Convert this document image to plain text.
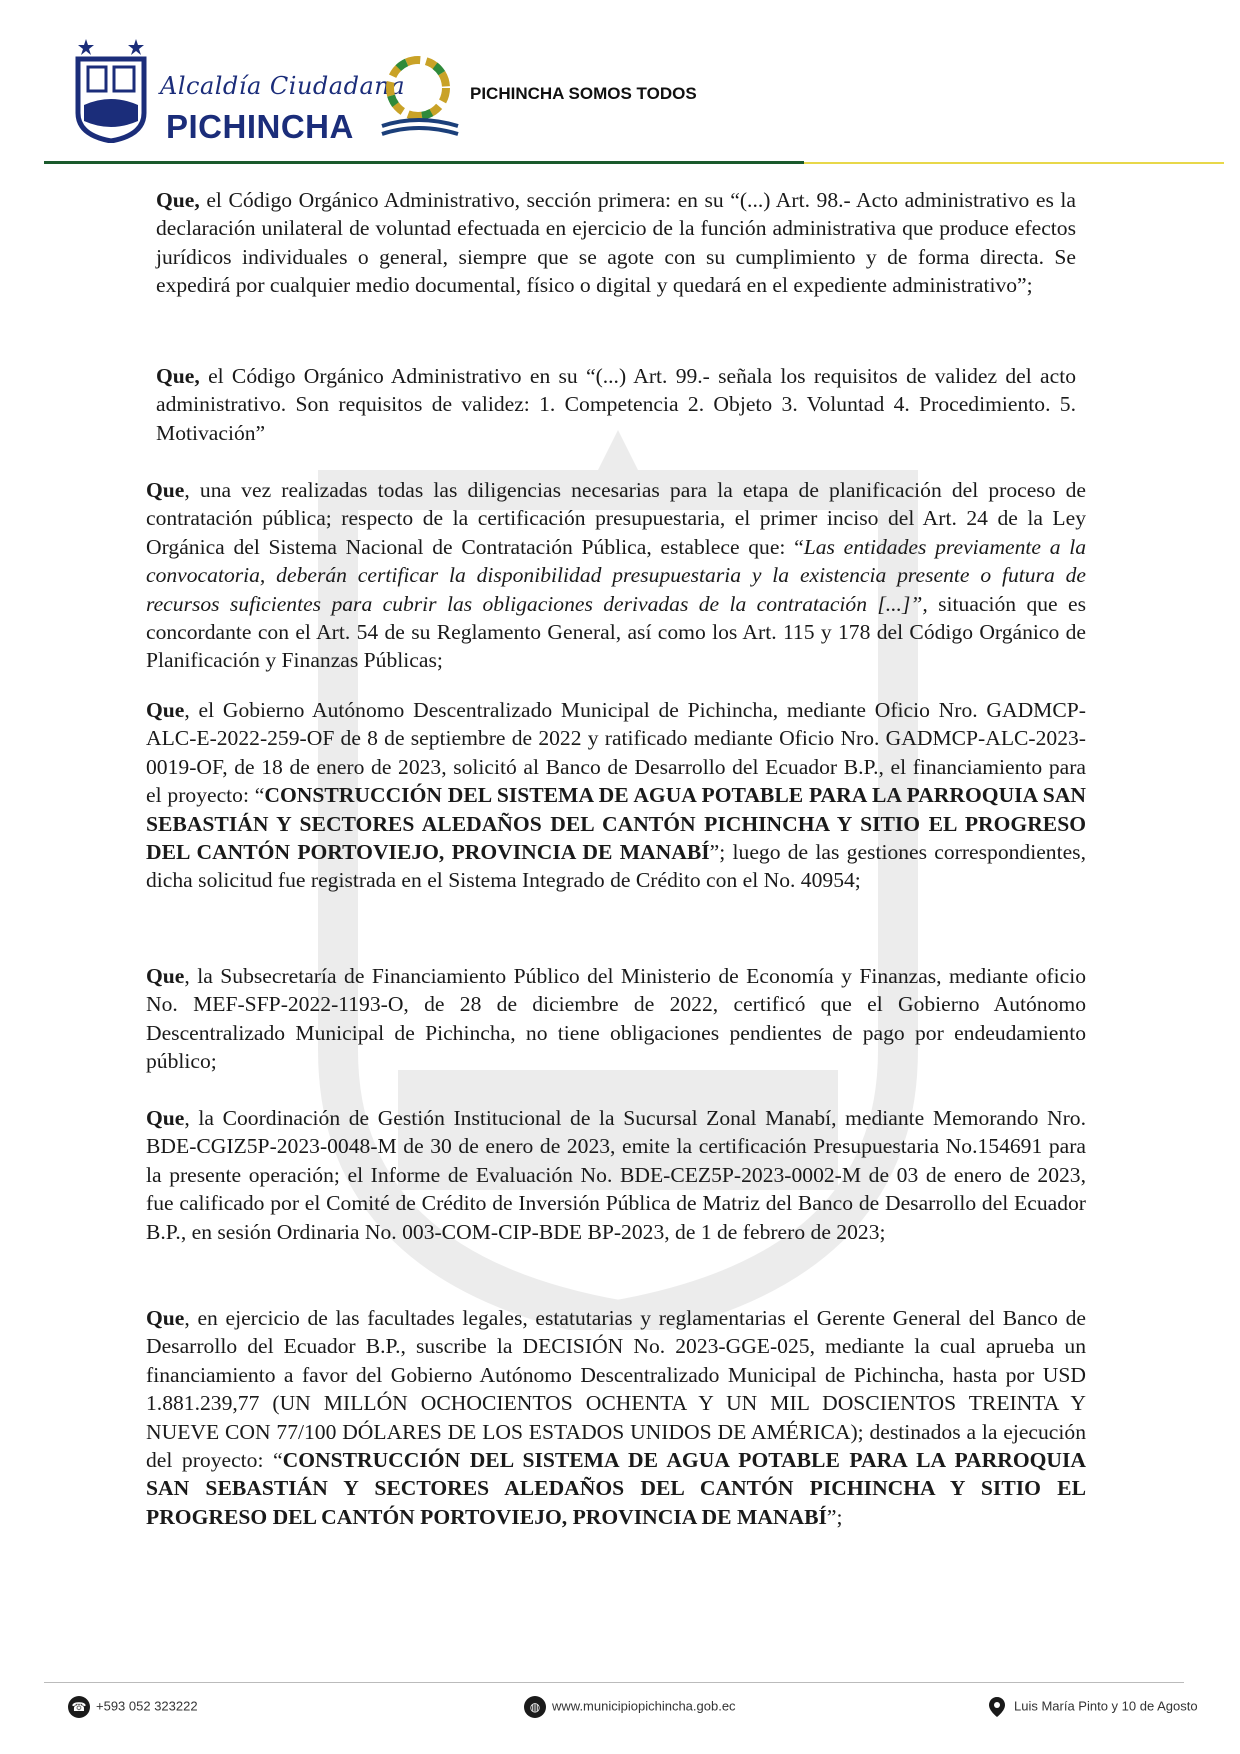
Alcaldía Ciudadana
PICHINCHA
PICHINCHA SOMOS TODOS

Que, el Código Orgánico Administrativo, sección primera: en su “(...) Art. 98.- Acto administrativo es la declaración unilateral de voluntad efectuada en ejercicio de la función administrativa que produce efectos jurídicos individuales o general, siempre que se agote con su cumplimiento y de forma directa. Se expedirá por cualquier medio documental, físico o digital y quedará en el expediente administrativo”;

Que, el Código Orgánico Administrativo en su “(...) Art. 99.- señala los requisitos de validez del acto administrativo. Son requisitos de validez: 1. Competencia 2. Objeto 3. Voluntad 4. Procedimiento. 5. Motivación”

Que, una vez realizadas todas las diligencias necesarias para la etapa de planificación del proceso de contratación pública; respecto de la certificación presupuestaria, el primer inciso del Art. 24 de la Ley Orgánica del Sistema Nacional de Contratación Pública, establece que: “Las entidades previamente a la convocatoria, deberán certificar la disponibilidad presupuestaria y la existencia presente o futura de recursos suficientes para cubrir las obligaciones derivadas de la contratación [...]”, situación que es concordante con el Art. 54 de su Reglamento General, así como los Art. 115 y 178 del Código Orgánico de Planificación y Finanzas Públicas;

Que, el Gobierno Autónomo Descentralizado Municipal de Pichincha, mediante Oficio Nro. GADMCP-ALC-E-2022-259-OF de 8 de septiembre de 2022 y ratificado mediante Oficio Nro. GADMCP-ALC-2023-0019-OF, de 18 de enero de 2023, solicitó al Banco de Desarrollo del Ecuador B.P., el financiamiento para el proyecto: “CONSTRUCCIÓN DEL SISTEMA DE AGUA POTABLE PARA LA PARROQUIA SAN SEBASTIÁN Y SECTORES ALEDAÑOS DEL CANTÓN PICHINCHA Y SITIO EL PROGRESO DEL CANTÓN PORTOVIEJO, PROVINCIA DE MANABÍ”; luego de las gestiones correspondientes, dicha solicitud fue registrada en el Sistema Integrado de Crédito con el No. 40954;

Que, la Subsecretaría de Financiamiento Público del Ministerio de Economía y Finanzas, mediante oficio No. MEF-SFP-2022-1193-O, de 28 de diciembre de 2022, certificó que el Gobierno Autónomo Descentralizado Municipal de Pichincha, no tiene obligaciones pendientes de pago por endeudamiento público;

Que, la Coordinación de Gestión Institucional de la Sucursal Zonal Manabí, mediante Memorando Nro. BDE-CGIZ5P-2023-0048-M de 30 de enero de 2023, emite la certificación Presupuestaria No.154691 para la presente operación; el Informe de Evaluación No. BDE-CEZ5P-2023-0002-M de 03 de enero de 2023, fue calificado por el Comité de Crédito de Inversión Pública de Matriz del Banco de Desarrollo del Ecuador B.P., en sesión Ordinaria No. 003-COM-CIP-BDE BP-2023, de 1 de febrero de 2023;

Que, en ejercicio de las facultades legales, estatutarias y reglamentarias el Gerente General del Banco de Desarrollo del Ecuador B.P., suscribe la DECISIÓN No. 2023-GGE-025, mediante la cual aprueba un financiamiento a favor del Gobierno Autónomo Descentralizado Municipal de Pichincha, hasta por USD 1.881.239,77 (UN MILLÓN OCHOCIENTOS OCHENTA Y UN MIL DOSCIENTOS TREINTA Y NUEVE CON 77/100 DÓLARES DE LOS ESTADOS UNIDOS DE AMÉRICA); destinados a la ejecución del proyecto: “CONSTRUCCIÓN DEL SISTEMA DE AGUA POTABLE PARA LA PARROQUIA SAN SEBASTIÁN Y SECTORES ALEDAÑOS DEL CANTÓN PICHINCHA Y SITIO EL PROGRESO DEL CANTÓN PORTOVIEJO, PROVINCIA DE MANABÍ”;

☎ +593 052 323222	◍ www.municipiopichincha.gob.ec	Luis María Pinto y 10 de Agosto
